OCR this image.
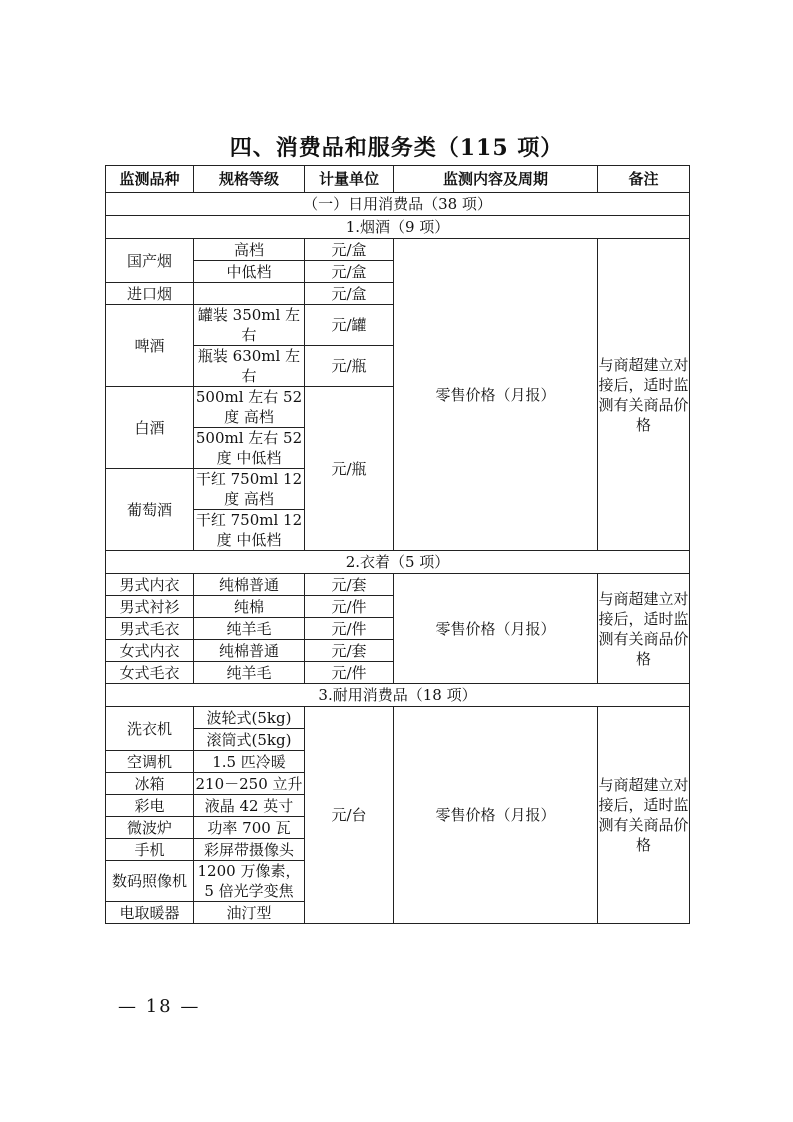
四、消费品和服务类（115 项）
监测品种	规格等级	计量单位	监测内容及周期	备注
（一）日用消费品（38 项）				
1.烟酒（9 项）				
国产烟	高档	元/盒	零售价格（月报）	与商超建立对接后，适时监测有关商品价格
	中低档	元/盒		
进口烟		元/盒		
啤酒	罐装 350ml 左右	元/罐		
	瓶装 630ml 左右	元/瓶		
白酒	500ml 左右 52 度 高档	元/瓶		
	500ml 左右 52 度 中低档			
葡萄酒	干红 750ml 12 度 高档			
	干红 750ml 12 度 中低档			
2.衣着（5 项）				
男式内衣	纯棉普通	元/套	零售价格（月报）	与商超建立对接后，适时监测有关商品价格
男式衬衫	纯棉	元/件		
男式毛衣	纯羊毛	元/件		
女式内衣	纯棉普通	元/套		
女式毛衣	纯羊毛	元/件		
3.耐用消费品（18 项）				
洗衣机	波轮式(5kg)	元/台	零售价格（月报）	与商超建立对接后，适时监测有关商品价格
	滚筒式(5kg)			
空调机	1.5 匹冷暖			
冰箱	210－250 立升			
彩电	液晶 42 英寸			
微波炉	功率 700 瓦			
手机	彩屏带摄像头			
数码照像机	1200 万像素，5 倍光学变焦			
电取暖器	油汀型			
— 18 —
